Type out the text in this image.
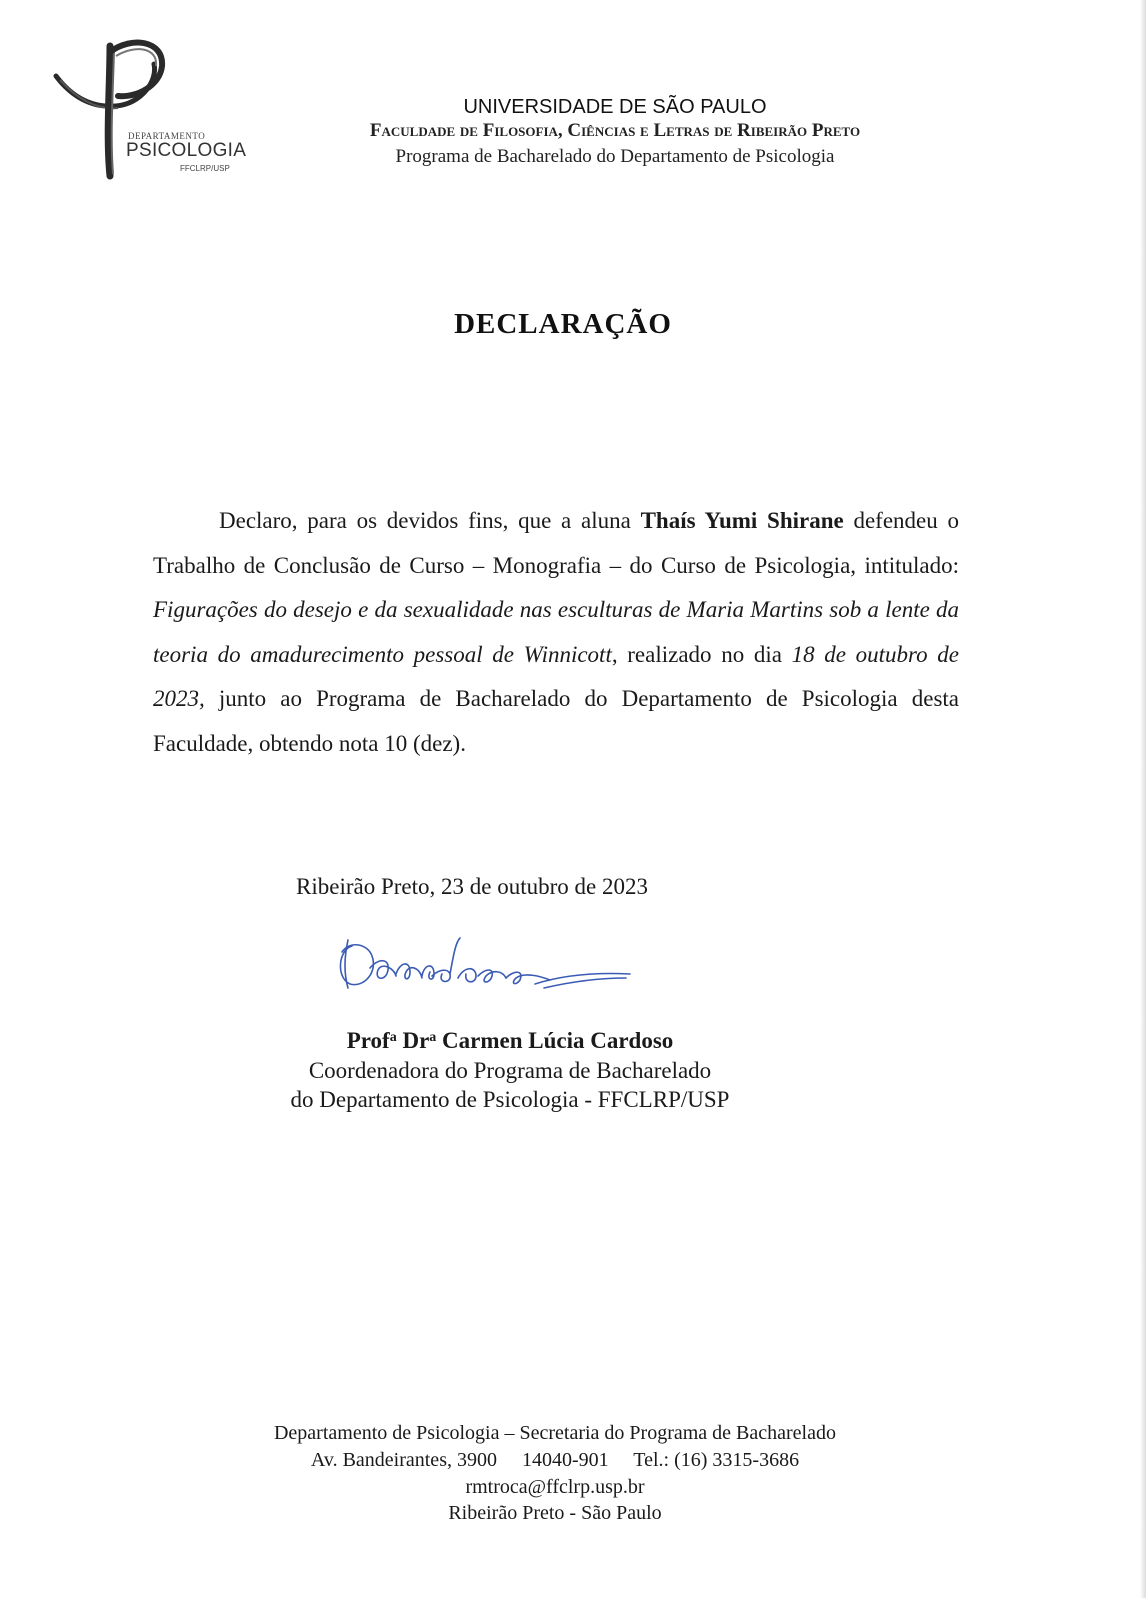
DEPARTAMENTO
PSICOLOGIA
FFCLRP/USP
UNIVERSIDADE DE SÃO PAULO
Faculdade de Filosofia, Ciências e Letras de Ribeirão Preto
Programa de Bacharelado do Departamento de Psicologia
DECLARAÇÃO
Declaro, para os devidos fins, que a aluna Thaís Yumi Shirane defendeu o Trabalho de Conclusão de Curso – Monografia – do Curso de Psicologia, intitulado: Figurações do desejo e da sexualidade nas esculturas de Maria Martins sob a lente da teoria do amadurecimento pessoal de Winnicott, realizado no dia 18 de outubro de 2023, junto ao Programa de Bacharelado do Departamento de Psicologia desta Faculdade, obtendo nota 10 (dez).
Ribeirão Preto, 23 de outubro de 2023
Prof$^a$ Dr$^a$ Carmen Lúcia Cardoso
Coordenadora do Programa de Bacharelado
do Departamento de Psicologia - FFCLRP/USP
Departamento de Psicologia – Secretaria do Programa de Bacharelado
Av. Bandeirantes, 3900 14040-901 Tel.: (16) 3315-3686
rmtroca@ffclrp.usp.br
Ribeirão Preto - São Paulo
